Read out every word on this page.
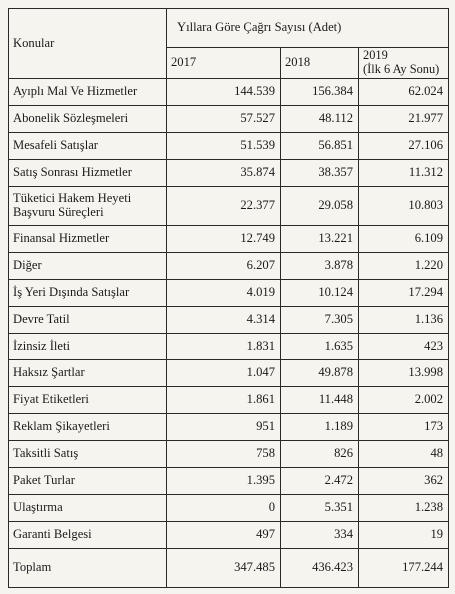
Konular	Yıllara Göre Çağrı Sayısı (Adet)		
	2017	2018	2019
(İlk 6 Ay Sonu)
Ayıplı Mal Ve Hizmetler	144.539	156.384	62.024
Abonelik Sözleşmeleri	57.527	48.112	21.977
Mesafeli Satışlar	51.539	56.851	27.106
Satış Sonrası Hizmetler	35.874	38.357	11.312
Tüketici Hakem Heyeti Başvuru Süreçleri	22.377	29.058	10.803
Finansal Hizmetler	12.749	13.221	6.109
Diğer	6.207	3.878	1.220
İş Yeri Dışında Satışlar	4.019	10.124	17.294
Devre Tatil	4.314	7.305	1.136
İzinsiz İleti	1.831	1.635	423
Haksız Şartlar	1.047	49.878	13.998
Fiyat Etiketleri	1.861	11.448	2.002
Reklam Şikayetleri	951	1.189	173
Taksitli Satış	758	826	48
Paket Turlar	1.395	2.472	362
Ulaştırma	0	5.351	1.238
Garanti Belgesi	497	334	19
Toplam	347.485	436.423	177.244
